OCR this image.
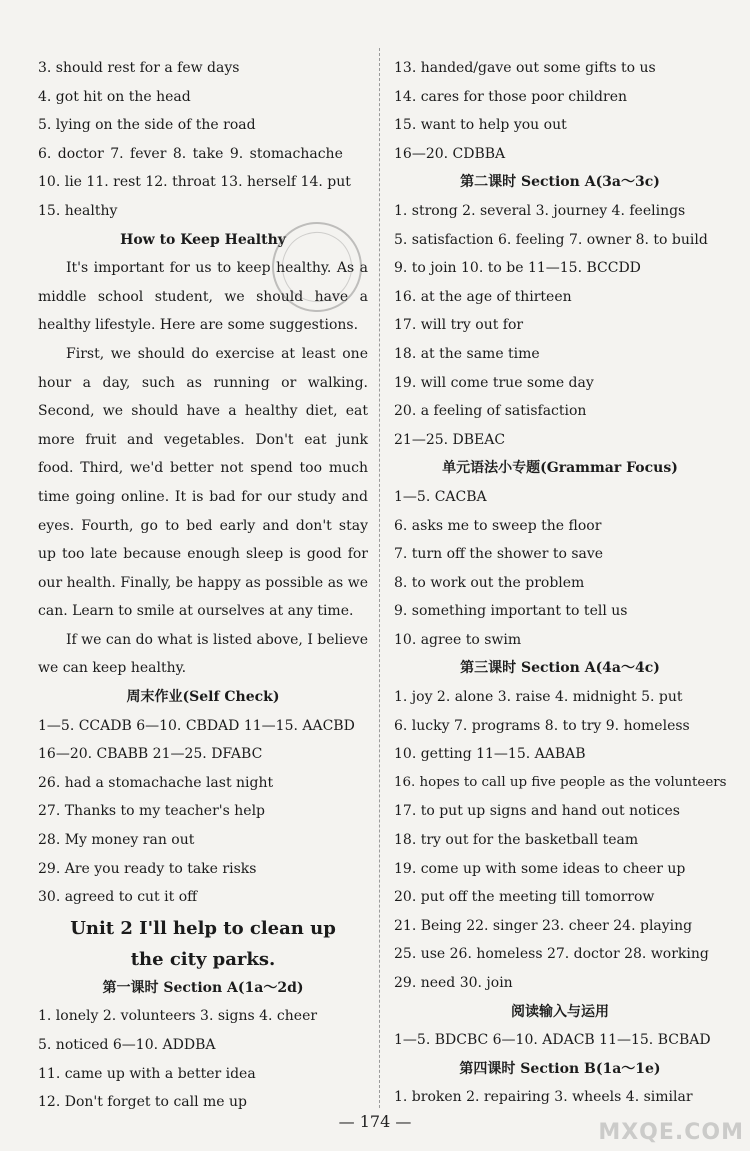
3. should rest for a few days
4. got hit on the head
5. lying on the side of the road
6. doctor 7. fever 8. take 9. stomachache
10. lie 11. rest 12. throat 13. herself 14. put
15. healthy
How to Keep Healthy

It's important for us to keep healthy. As a middle school student, we should have a healthy lifestyle. Here are some suggestions.

First, we should do exercise at least one hour a day, such as running or walking. Second, we should have a healthy diet, eat more fruit and vegetables. Don't eat junk food. Third, we'd better not spend too much time going online. It is bad for our study and eyes. Fourth, go to bed early and don't stay up too late because enough sleep is good for our health. Finally, be happy as possible as we can. Learn to smile at ourselves at any time.

If we can do what is listed above, I believe we can keep healthy.

周末作业(Self Check)
1—5. CCADB 6—10. CBDAD 11—15. AACBD
16—20. CBABB 21—25. DFABC
26. had a stomachache last night
27. Thanks to my teacher's help
28. My money ran out
29. Are you ready to take risks
30. agreed to cut it off
Unit 2 I'll help to clean up
the city parks.
第一课时 Section A(1a～2d)
1. lonely 2. volunteers 3. signs 4. cheer
5. noticed 6—10. ADDBA
11. came up with a better idea
12. Don't forget to call me up
13. handed/gave out some gifts to us
14. cares for those poor children
15. want to help you out
16—20. CDBBA
第二课时 Section A(3a～3c)
1. strong 2. several 3. journey 4. feelings
5. satisfaction 6. feeling 7. owner 8. to build
9. to join 10. to be 11—15. BCCDD
16. at the age of thirteen
17. will try out for
18. at the same time
19. will come true some day
20. a feeling of satisfaction
21—25. DBEAC
单元语法小专题(Grammar Focus)
1—5. CACBA
6. asks me to sweep the floor
7. turn off the shower to save
8. to work out the problem
9. something important to tell us
10. agree to swim
第三课时 Section A(4a～4c)
1. joy 2. alone 3. raise 4. midnight 5. put
6. lucky 7. programs 8. to try 9. homeless
10. getting 11—15. AABAB
16. hopes to call up five people as the volunteers
17. to put up signs and hand out notices
18. try out for the basketball team
19. come up with some ideas to cheer up
20. put off the meeting till tomorrow
21. Being 22. singer 23. cheer 24. playing
25. use 26. homeless 27. doctor 28. working
29. need 30. join
阅读输入与运用
1—5. BDCBC 6—10. ADACB 11—15. BCBAD
第四课时 Section B(1a～1e)
1. broken 2. repairing 3. wheels 4. similar
— 174 —	MXQE.COM
